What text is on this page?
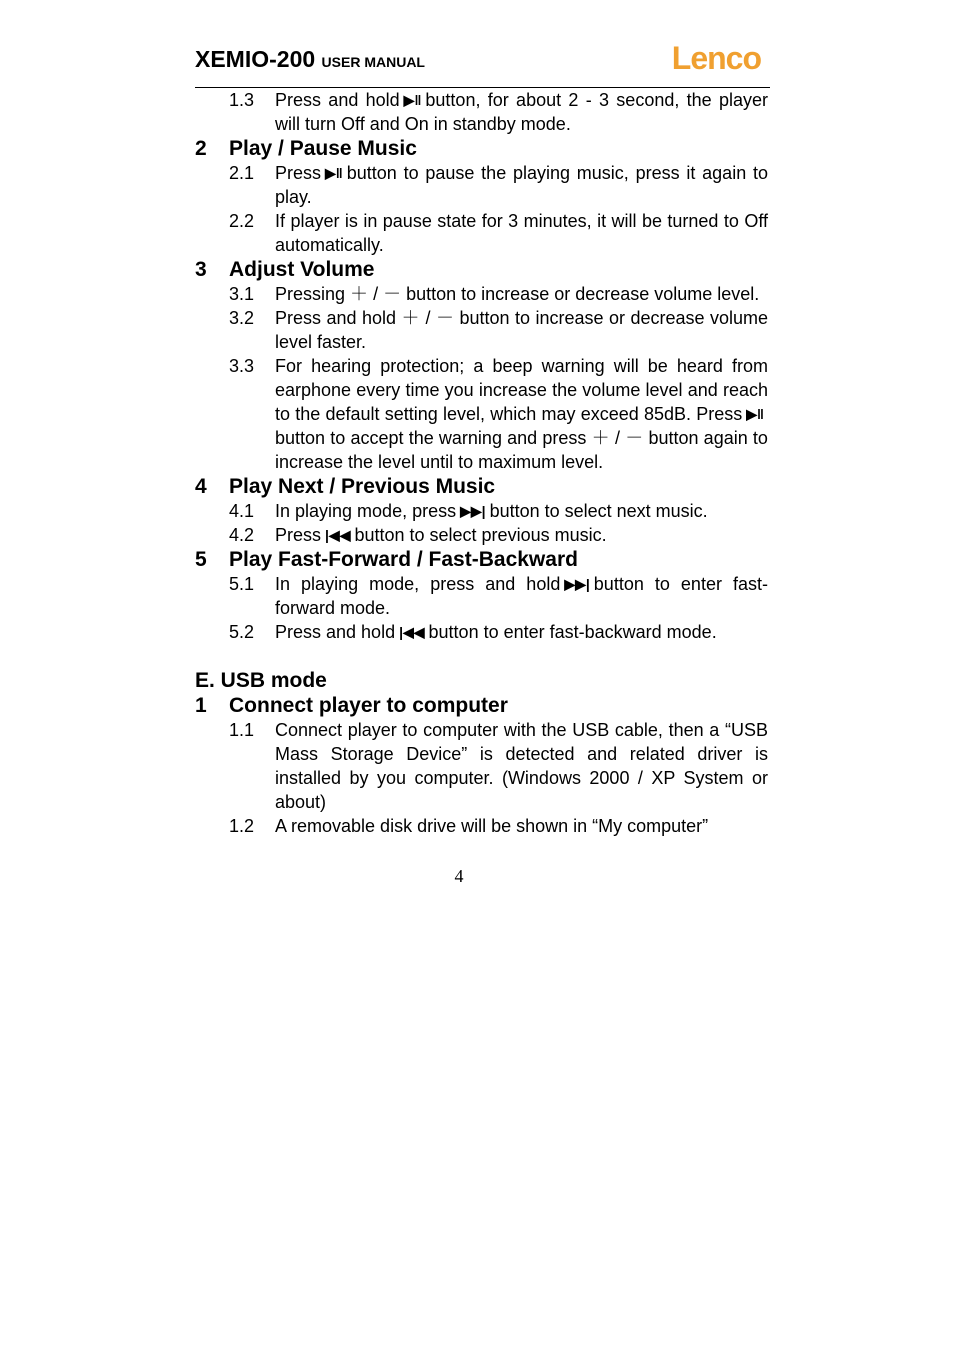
XEMIO-200 USER MANUAL	Lenco

1.3 Press and hold ▶‖ button, for about 2 - 3 second, the player will turn Off and On in standby mode.

2 Play / Pause Music

2.1 Press ▶‖ button to pause the playing music, press it again to play.

2.2 If player is in pause state for 3 minutes, it will be turned to Off automatically.

3 Adjust Volume

3.1 Pressing ＋ / － button to increase or decrease volume level.

3.2 Press and hold ＋ / － button to increase or decrease volume level faster.

3.3 For hearing protection; a beep warning will be heard from earphone every time you increase the volume level and reach to the default setting level, which may exceed 85dB. Press ▶‖button to accept the warning and press ＋ / － button again to increase the level until to maximum level.

4 Play Next / Previous Music

4.1 In playing mode, press ▶▶| button to select next music.

4.2 Press |◀◀ button to select previous music.

5 Play Fast-Forward / Fast-Backward

5.1 In playing mode, press and hold ▶▶| button to enter fast-forward mode.

5.2 Press and hold |◀◀ button to enter fast-backward mode.

E. USB mode
1 Connect player to computer

1.1 Connect player to computer with the USB cable, then a “USB Mass Storage Device” is detected and related driver is installed by you computer. (Windows 2000 / XP System or about)

1.2 A removable disk drive will be shown in “My computer”

4
